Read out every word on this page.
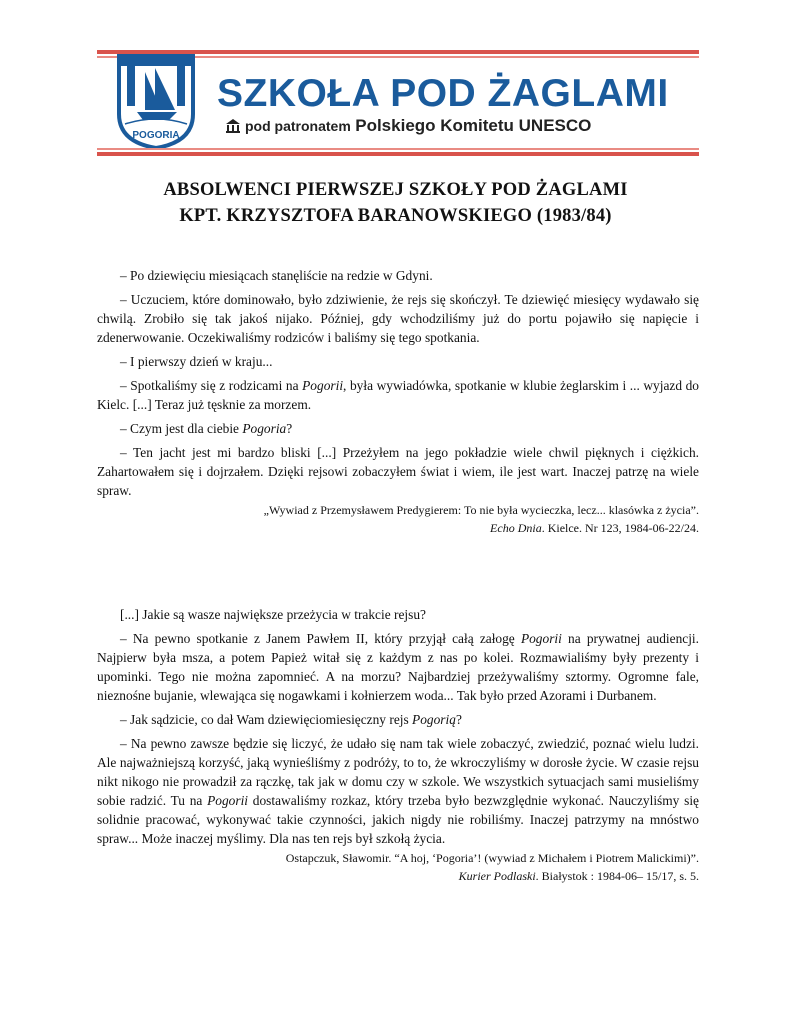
POGORIA
SZKOŁA POD ŻAGLAMI
pod patronatem Polskiego Komitetu UNESCO
ABSOLWENCI PIERWSZEJ SZKOŁY POD ŻAGLAMI
KPT. KRZYSZTOFA BARANOWSKIEGO (1983/84)

– Po dziewięciu miesiącach stanęliście na redzie w Gdyni.

– Uczuciem, które dominowało, było zdziwienie, że rejs się skończył. Te dziewięć miesięcy wydawało się chwilą. Zrobiło się tak jakoś nijako. Później, gdy wchodziliśmy już do portu pojawiło się napięcie i zdenerwowanie. Oczekiwaliśmy rodziców i baliśmy się tego spotkania.

– I pierwszy dzień w kraju...

– Spotkaliśmy się z rodzicami na Pogorii, była wywiadówka, spotkanie w klubie żeglarskim i ... wyjazd do Kielc. [...] Teraz już tęsknie za morzem.

– Czym jest dla ciebie Pogoria?

– Ten jacht jest mi bardzo bliski [...] Przeżyłem na jego pokładzie wiele chwil pięknych i ciężkich. Zahartowałem się i dojrzałem. Dzięki rejsowi zobaczyłem świat i wiem, ile jest wart. Inaczej patrzę na wiele spraw.

„Wywiad z Przemysławem Predygierem: To nie była wycieczka, lecz... klasówka z życia”.
Echo Dnia. Kielce. Nr 123, 1984-06-22/24.

[...] Jakie są wasze największe przeżycia w trakcie rejsu?

– Na pewno spotkanie z Janem Pawłem II, który przyjął całą załogę Pogorii na prywatnej audiencji. Najpierw była msza, a potem Papież witał się z każdym z nas po kolei. Rozmawialiśmy były prezenty i upominki. Tego nie można zapomnieć. A na morzu? Najbardziej przeżywaliśmy sztormy. Ogromne fale, nieznośne bujanie, wlewająca się nogawkami i kołnierzem woda... Tak było przed Azorami i Durbanem.

– Jak sądzicie, co dał Wam dziewięciomiesięczny rejs Pogorią?

– Na pewno zawsze będzie się liczyć, że udało się nam tak wiele zobaczyć, zwiedzić, poznać wielu ludzi. Ale najważniejszą korzyść, jaką wynieśliśmy z podróży, to to, że wkroczyliśmy w dorosłe życie. W czasie rejsu nikt nikogo nie prowadził za rączkę, tak jak w domu czy w szkole. We wszystkich sytuacjach sami musieliśmy sobie radzić. Tu na Pogorii dostawaliśmy rozkaz, który trzeba było bezwzględnie wykonać. Nauczyliśmy się solidnie pracować, wykonywać takie czynności, jakich nigdy nie robiliśmy. Inaczej patrzymy na mnóstwo spraw... Może inaczej myślimy. Dla nas ten rejs był szkołą życia.

Ostapczuk, Sławomir. “A hoj, ‘Pogoria’! (wywiad z Michałem i Piotrem Malickimi)”.
Kurier Podlaski. Białystok : 1984-06– 15/17, s. 5.
